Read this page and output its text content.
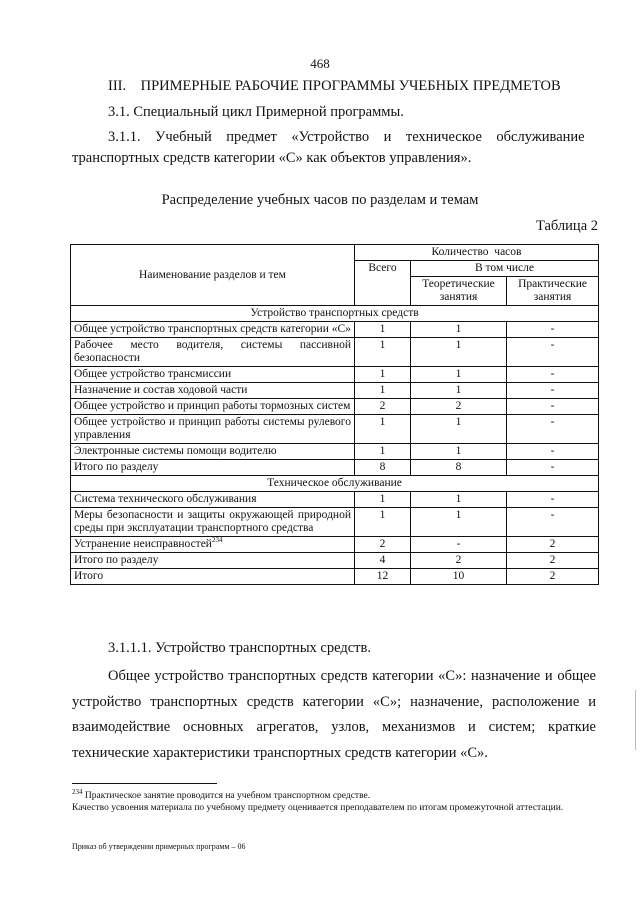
468
III.    ПРИМЕРНЫЕ РАБОЧИЕ ПРОГРАММЫ УЧЕБНЫХ ПРЕДМЕТОВ
3.1. Специальный цикл Примерной программы.
3.1.1.    Учебный    предмет    «Устройство    и    техническое    обслуживание
транспортных средств категории «С» как объектов управления».
Распределение учебных часов по разделам и темам
Таблица 2
Наименование разделов и тем	Количество  часов		
	Всего	В том числе	
		Теоретические занятия	Практические занятия
Устройство транспортных средств			
Общее устройство транспортных средств категории «С»	1	1	-
Рабочее место водителя, системы пассивной безопасности	1	1	-
Общее устройство трансмиссии	1	1	-
Назначение и состав ходовой части	1	1	-
Общее устройство и принцип работы тормозных систем	2	2	-
Общее устройство и принцип работы системы рулевого управления	1	1	-
Электронные системы помощи водителю	1	1	-
Итого по разделу	8	8	-
Техническое обслуживание			
Система технического обслуживания	1	1	-
Меры безопасности и защиты окружающей природной среды при эксплуатации транспортного средства	1	1	-
Устранение неисправностей$^{234}$	2	-	2
Итого по разделу	4	2	2
Итого	12	10	2
3.1.1.1. Устройство транспортных средств.
Общее устройство транспортных средств категории «С»: назначение и общее устройство транспортных средств категории «С»; назначение, расположение и взаимодействие основных агрегатов, узлов, механизмов и систем; краткие технические характеристики транспортных средств категории «С».
$^{234}$ Практическое занятие проводится на учебном транспортном средстве.
Качество усвоения материала по учебному предмету оценивается преподавателем по итогам промежуточной аттестации.
Приказ об утверждении примерных программ – 06
